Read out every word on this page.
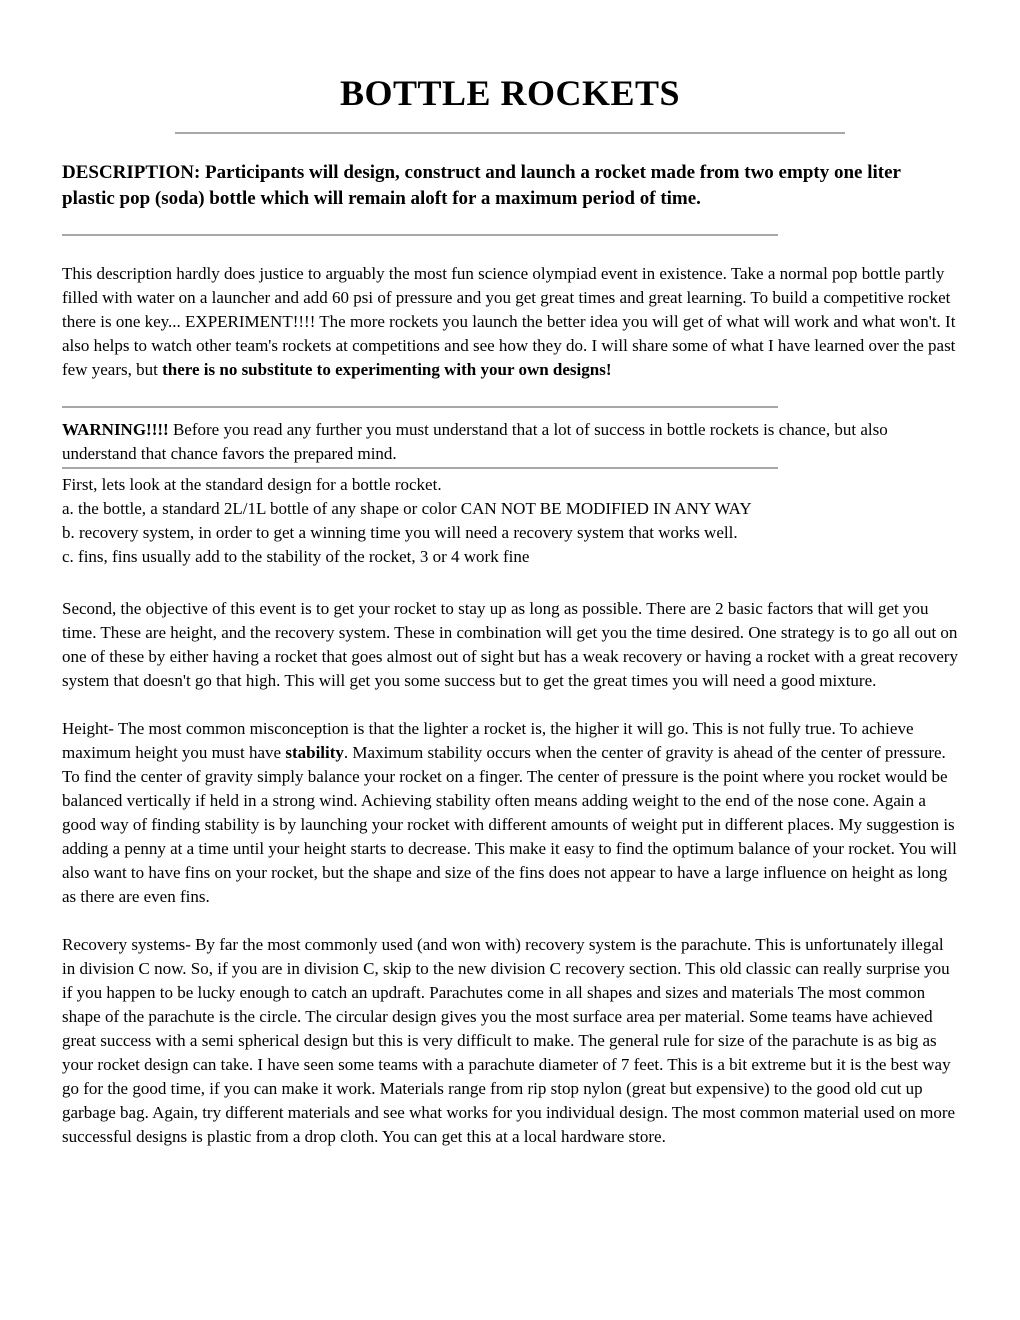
BOTTLE ROCKETS

DESCRIPTION: Participants will design, construct and launch a rocket made from two empty one liter plastic pop (soda) bottle which will remain aloft for a maximum period of time.

This description hardly does justice to arguably the most fun science olympiad event in existence. Take a normal pop bottle partly filled with water on a launcher and add 60 psi of pressure and you get great times and great learning. To build a competitive rocket there is one key... EXPERIMENT!!!! The more rockets you launch the better idea you will get of what will work and what won't. It also helps to watch other team's rockets at competitions and see how they do. I will share some of what I have learned over the past few years, but there is no substitute to experimenting with your own designs!

WARNING!!!! Before you read any further you must understand that a lot of success in bottle rockets is chance, but also understand that chance favors the prepared mind.

First, lets look at the standard design for a bottle rocket.
a. the bottle, a standard 2L/1L bottle of any shape or color CAN NOT BE MODIFIED IN ANY WAY
b. recovery system, in order to get a winning time you will need a recovery system that works well.
c. fins, fins usually add to the stability of the rocket, 3 or 4 work fine

Second, the objective of this event is to get your rocket to stay up as long as possible. There are 2 basic factors that will get you time. These are height, and the recovery system. These in combination will get you the time desired. One strategy is to go all out on one of these by either having a rocket that goes almost out of sight but has a weak recovery or having a rocket with a great recovery system that doesn't go that high. This will get you some success but to get the great times you will need a good mixture.

Height- The most common misconception is that the lighter a rocket is, the higher it will go. This is not fully true. To achieve maximum height you must have stability. Maximum stability occurs when the center of gravity is ahead of the center of pressure. To find the center of gravity simply balance your rocket on a finger. The center of pressure is the point where you rocket would be balanced vertically if held in a strong wind. Achieving stability often means adding weight to the end of the nose cone. Again a good way of finding stability is by launching your rocket with different amounts of weight put in different places. My suggestion is adding a penny at a time until your height starts to decrease. This make it easy to find the optimum balance of your rocket. You will also want to have fins on your rocket, but the shape and size of the fins does not appear to have a large influence on height as long as there are even fins.

Recovery systems- By far the most commonly used (and won with) recovery system is the parachute. This is unfortunately illegal in division C now. So, if you are in division C, skip to the new division C recovery section. This old classic can really surprise you if you happen to be lucky enough to catch an updraft. Parachutes come in all shapes and sizes and materials The most common shape of the parachute is the circle. The circular design gives you the most surface area per material. Some teams have achieved great success with a semi spherical design but this is very difficult to make. The general rule for size of the parachute is as big as your rocket design can take. I have seen some teams with a parachute diameter of 7 feet. This is a bit extreme but it is the best way go for the good time, if you can make it work. Materials range from rip stop nylon (great but expensive) to the good old cut up garbage bag. Again, try different materials and see what works for you individual design. The most common material used on more successful designs is plastic from a drop cloth. You can get this at a local hardware store.
